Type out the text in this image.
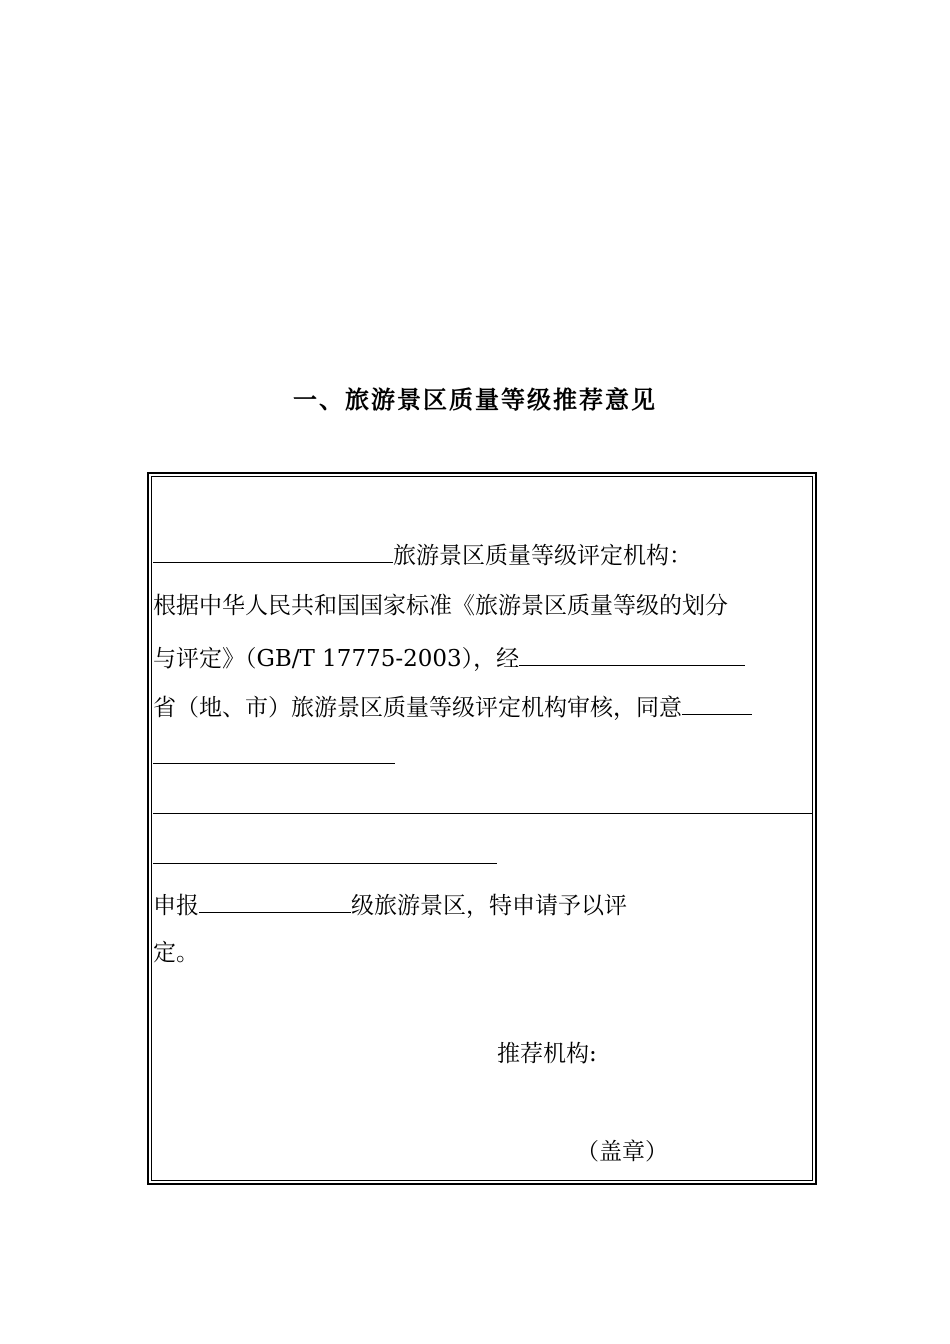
一、旅游景区质量等级推荐意见
旅游景区质量等级评定机构：
根据中华人民共和国国家标准《旅游景区质量等级的划分
与评定》（GB/T 17775-2003），经
省（地、市）旅游景区质量等级评定机构审核，同意
申报	级旅游景区，特申请予以评
定。
推荐机构:
（盖章）
